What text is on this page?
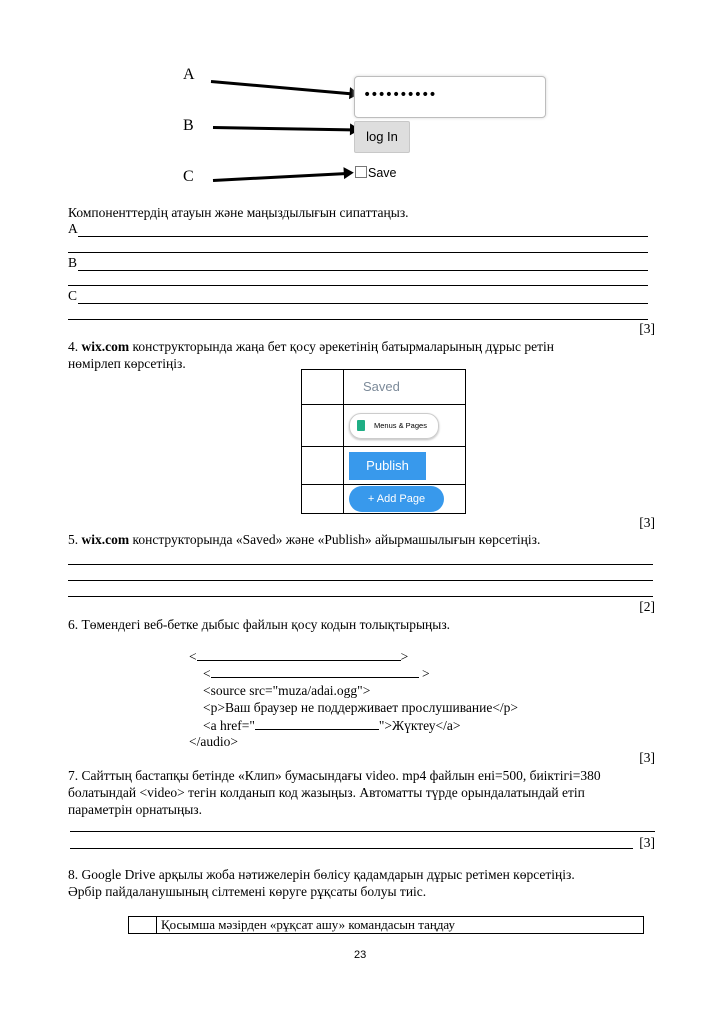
A
B
C
••••••••••
log In
Save
Компоненттердің атауын және маңыздылығын сипаттаңыз.
A
B
C
[3]
4. wix.com конструкторында жаңа бет қосу әрекетінің батырмаларының дұрыс ретін
нөмірлеп көрсетіңіз.
	Saved

Menus & Pages

	Publish

	+ Add Page
[3]
5. wix.com конструкторында «Saved» және «Publish» айырмашылығын көрсетіңіз.
[2]
6. Төмендегі веб-бетке дыбыс файлын қосу кодын толықтырыңыз.
<	>
<	>
<source src="muza/adai.ogg">
<p>Ваш браузер не поддерживает прослушивание</p>
<a href="	">Жүктеу</a>
</audio>
[3]
7. Сайттың бастапқы бетінде «Клип» бумасындағы video. mp4 файлын ені=500, биіктігі=380
болатындай <video> тегін колданып код жазыңыз. Автоматты түрде орындалатындай етіп
параметрін орнатыңыз.
[3]
8. Google Drive арқылы жоба нәтижелерін бөлісу қадамдарын дұрыс ретімен көрсетіңіз.
Әрбір пайдаланушының сілтемені көруге рұқсаты болуы тиіс.
	Қосымша мәзірден «рұқсат ашу» командасын таңдау
23
